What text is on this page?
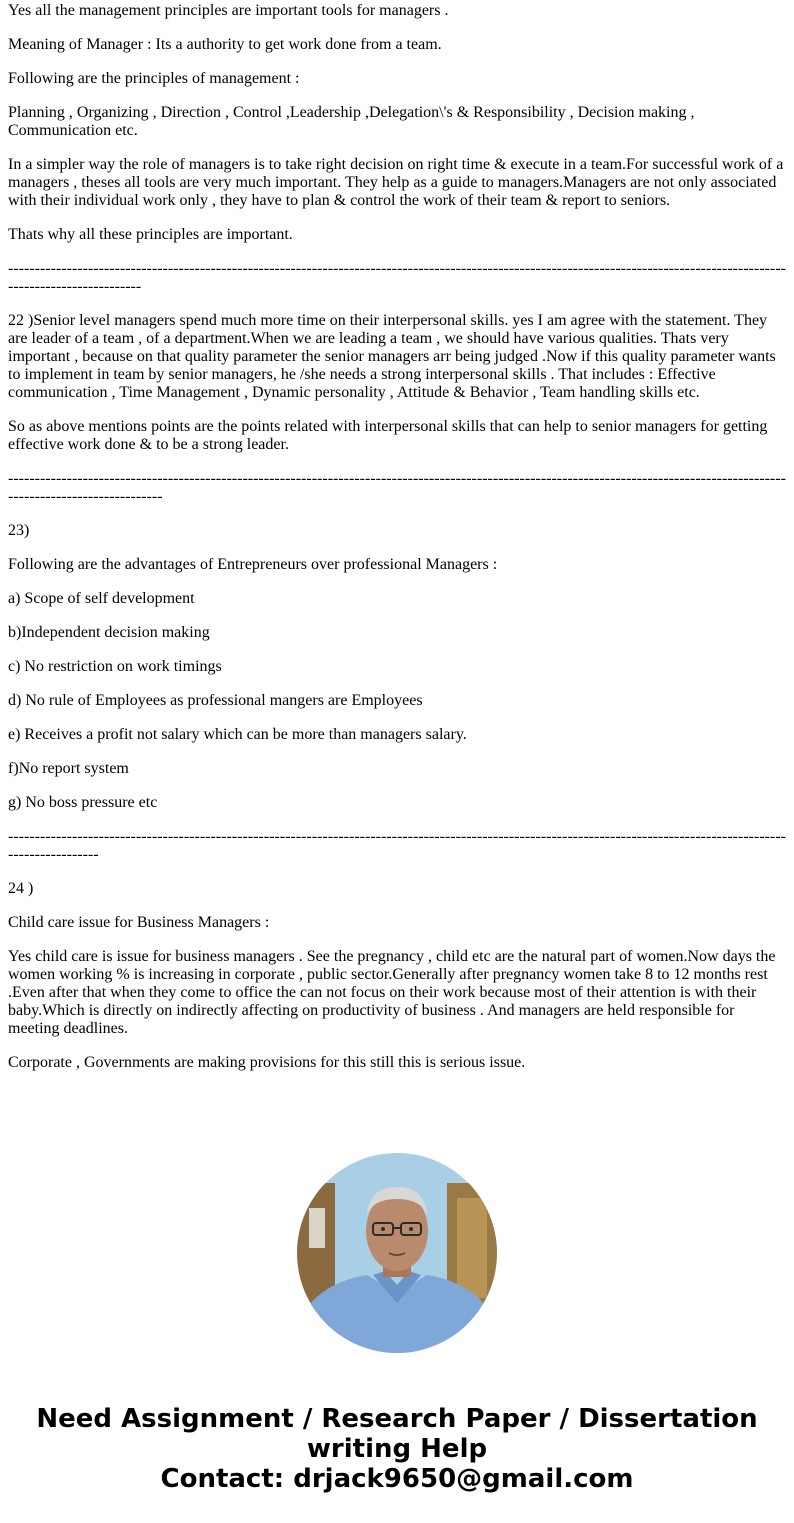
Yes all the management principles are important tools for managers .

Meaning of Manager : Its a authority to get work done from a team.

Following are the principles of management :

Planning , Organizing , Direction , Control ,Leadership ,Delegation\'s & Responsibility , Decision making , Communication etc.

In a simpler way the role of managers is to take right decision on right time & execute in a team.For successful work of a managers , theses all tools are very much important. They help as a guide to managers.Managers are not only associated with their individual work only , they have to plan & control the work of their team & report to seniors.

Thats why all these principles are important.

---------------------------------------------------------------------------------------------------------------------------------------------------------------------------

22 )Senior level managers spend much more time on their interpersonal skills. yes I am agree with the statement. They are leader of a team , of a department.When we are leading a team , we should have various qualities. Thats very important , because on that quality parameter the senior managers arr being judged .Now if this quality parameter wants to implement in team by senior managers, he /she needs a strong interpersonal skills . That includes : Effective communication , Time Management , Dynamic personality , Attitude & Behavior , Team handling skills etc.

So as above mentions points are the points related with interpersonal skills that can help to senior managers for getting effective work done & to be a strong leader.

-------------------------------------------------------------------------------------------------------------------------------------------------------------------------------

23)

Following are the advantages of Entrepreneurs over professional Managers :

a) Scope of self development

b)Independent decision making

c) No restriction on work timings

d) No rule of Employees as professional mangers are Employees

e) Receives a profit not salary which can be more than managers salary.

f)No report system

g) No boss pressure etc

-------------------------------------------------------------------------------------------------------------------------------------------------------------------

24 )

Child care issue for Business Managers :

Yes child care is issue for business managers . See the pregnancy , child etc are the natural part of women.Now days the women working % is increasing in corporate , public sector.Generally after pregnancy women take 8 to 12 months rest .Even after that when they come to office the can not focus on their work because most of their attention is with their baby.Which is directly on indirectly affecting on productivity of business . And managers are held responsible for meeting deadlines.

Corporate , Governments are making provisions for this still this is serious issue.

Need Assignment / Research Paper / Dissertation
writing Help
Contact: drjack9650@gmail.com
